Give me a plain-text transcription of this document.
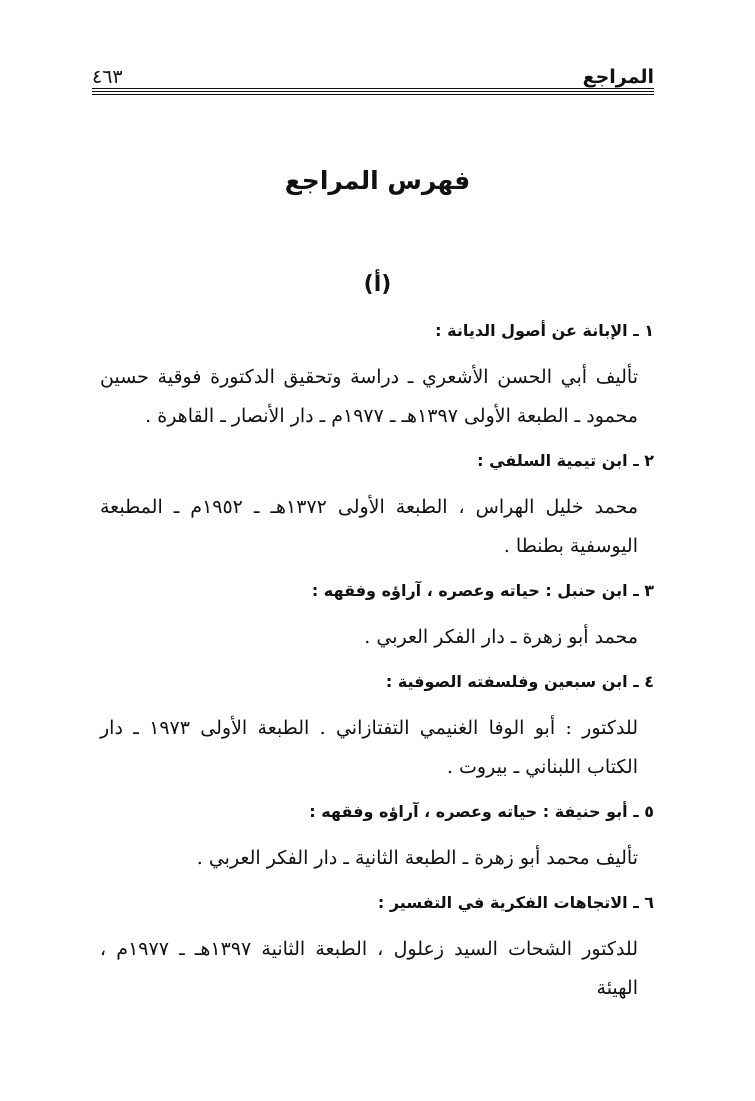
المراجع
٤٦٣
فهرس المراجع
(أ)

١ ـ الإبانة عن أصول الديانة :

تأليف أبي الحسن الأشعري ـ دراسة وتحقيق الدكتورة فوقية حسين محمود ـ الطبعة الأولى ١٣٩٧هـ ـ ١٩٧٧م ـ دار الأنصار ـ القاهرة .

٢ ـ ابن تيمية السلفي :

محمد خليل الهراس ، الطبعة الأولى ١٣٧٢هـ ـ ١٩٥٢م ـ المطبعة اليوسفية بطنطا .

٣ ـ ابن حنبل : حياته وعصره ، آراؤه وفقهه :

محمد أبو زهرة ـ دار الفكر العربي .

٤ ـ ابن سبعين وفلسفته الصوفية :

للدكتور : أبو الوفا الغنيمي التفتازاني . الطبعة الأولى ١٩٧٣ ـ دار الكتاب اللبناني ـ بيروت .

٥ ـ أبو حنيفة : حياته وعصره ، آراؤه وفقهه :

تأليف محمد أبو زهرة ـ الطبعة الثانية ـ دار الفكر العربي .

٦ ـ الاتجاهات الفكرية في التفسير :

للدكتور الشحات السيد زعلول ، الطبعة الثانية ١٣٩٧هـ ـ ١٩٧٧م ، الهيئة
